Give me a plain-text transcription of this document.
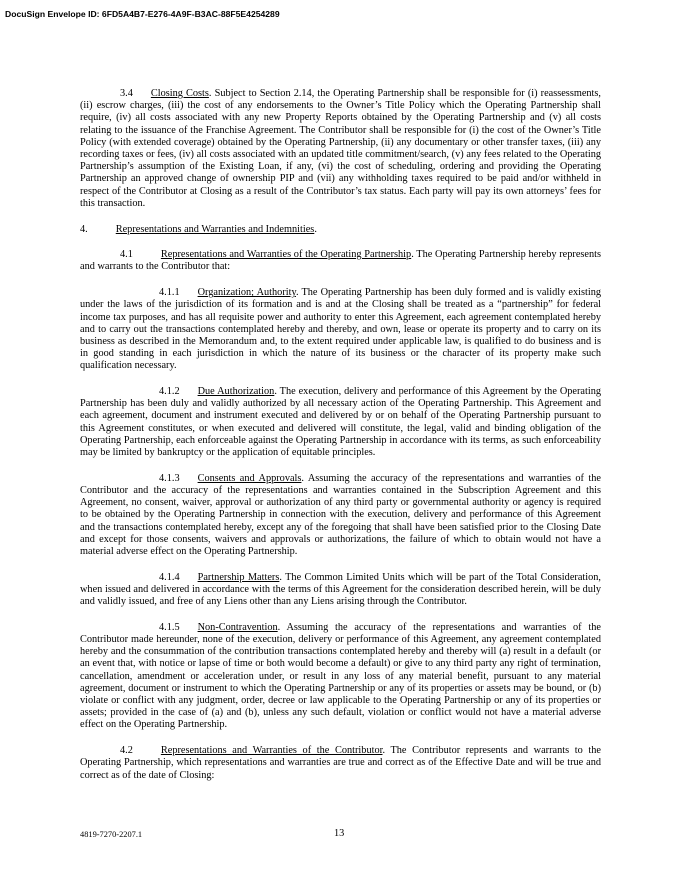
DocuSign Envelope ID: 6FD5A4B7-E276-4A9F-B3AC-88F5E4254289

3.4 Closing Costs. Subject to Section 2.14, the Operating Partnership shall be responsible for (i) reassessments, (ii) escrow charges, (iii) the cost of any endorsements to the Owner’s Title Policy which the Operating Partnership shall require, (iv) all costs associated with any new Property Reports obtained by the Operating Partnership and (v) all costs relating to the issuance of the Franchise Agreement. The Contributor shall be responsible for (i) the cost of the Owner’s Title Policy (with extended coverage) obtained by the Operating Partnership, (ii) any documentary or other transfer taxes, (iii) any recording taxes or fees, (iv) all costs associated with an updated title commitment/search, (v) any fees related to the Operating Partnership’s assumption of the Existing Loan, if any, (vi) the cost of scheduling, ordering and providing the Operating Partnership an approved change of ownership PIP and (vii) any withholding taxes required to be paid and/or withheld in respect of the Contributor at Closing as a result of the Contributor’s tax status. Each party will pay its own attorneys’ fees for this transaction.

4.	Representations and Warranties and Indemnities.

4.1	Representations and Warranties of the Operating Partnership. The Operating Partnership hereby represents and warrants to the Contributor that:

4.1.1 Organization; Authority. The Operating Partnership has been duly formed and is validly existing under the laws of the jurisdiction of its formation and is and at the Closing shall be treated as a “partnership” for federal income tax purposes, and has all requisite power and authority to enter this Agreement, each agreement contemplated hereby and to carry out the transactions contemplated hereby and thereby, and own, lease or operate its property and to carry on its business as described in the Memorandum and, to the extent required under applicable law, is qualified to do business and is in good standing in each jurisdiction in which the nature of its business or the character of its property make such qualification necessary.

4.1.2 Due Authorization. The execution, delivery and performance of this Agreement by the Operating Partnership has been duly and validly authorized by all necessary action of the Operating Partnership. This Agreement and each agreement, document and instrument executed and delivered by or on behalf of the Operating Partnership pursuant to this Agreement constitutes, or when executed and delivered will constitute, the legal, valid and binding obligation of the Operating Partnership, each enforceable against the Operating Partnership in accordance with its terms, as such enforceability may be limited by bankruptcy or the application of equitable principles.

4.1.3 Consents and Approvals. Assuming the accuracy of the representations and warranties of the Contributor and the accuracy of the representations and warranties contained in the Subscription Agreement and this Agreement, no consent, waiver, approval or authorization of any third party or governmental authority or agency is required to be obtained by the Operating Partnership in connection with the execution, delivery and performance of this Agreement and the transactions contemplated hereby, except any of the foregoing that shall have been satisfied prior to the Closing Date and except for those consents, waivers and approvals or authorizations, the failure of which to obtain would not have a material adverse effect on the Operating Partnership.

4.1.4 Partnership Matters. The Common Limited Units which will be part of the Total Consideration, when issued and delivered in accordance with the terms of this Agreement for the consideration described herein, will be duly and validly issued, and free of any Liens other than any Liens arising through the Contributor.

4.1.5 Non-Contravention. Assuming the accuracy of the representations and warranties of the Contributor made hereunder, none of the execution, delivery or performance of this Agreement, any agreement contemplated hereby and the consummation of the contribution transactions contemplated hereby and thereby will (a) result in a default (or an event that, with notice or lapse of time or both would become a default) or give to any third party any right of termination, cancellation, amendment or acceleration under, or result in any loss of any material benefit, pursuant to any material agreement, document or instrument to which the Operating Partnership or any of its properties or assets may be bound, or (b) violate or conflict with any judgment, order, decree or law applicable to the Operating Partnership or any of its properties or assets; provided in the case of (a) and (b), unless any such default, violation or conflict would not have a material adverse effect on the Operating Partnership.

4.2	Representations and Warranties of the Contributor. The Contributor represents and warrants to the Operating Partnership, which representations and warranties are true and correct as of the Effective Date and will be true and correct as of the date of Closing:

4819-7270-2207.1	13
